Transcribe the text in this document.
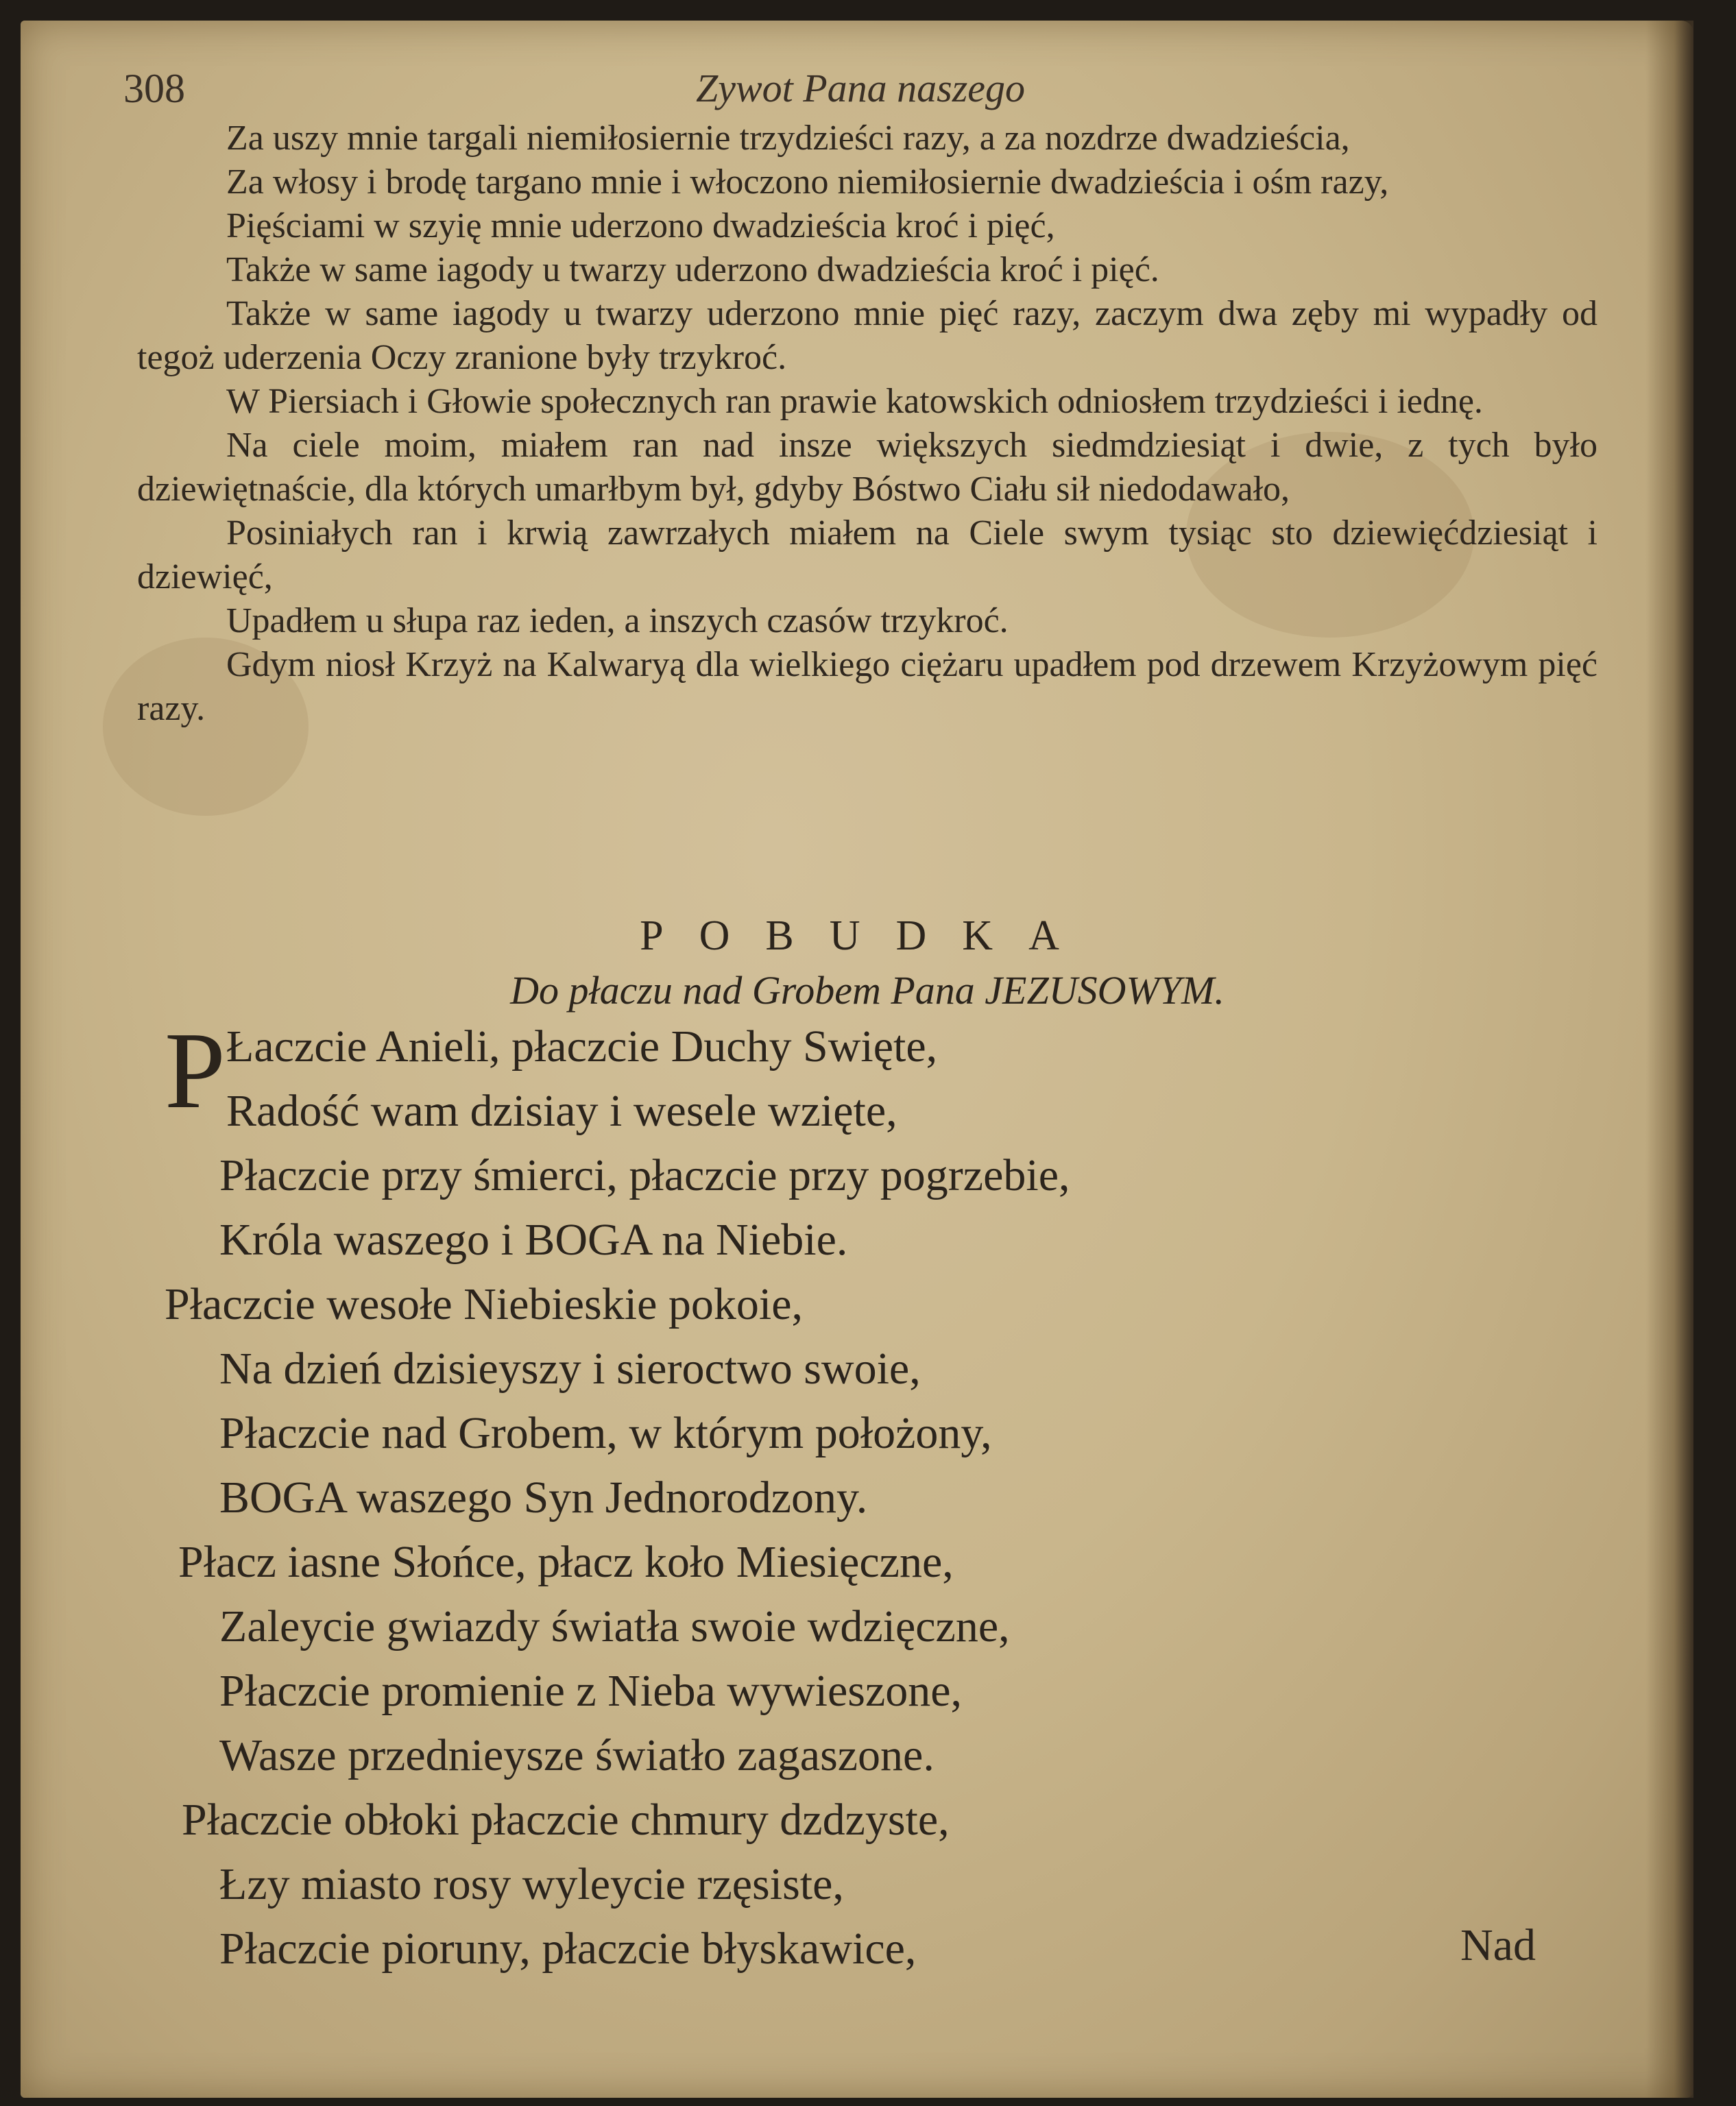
308	Zywot Pana naszego

Za uszy mnie targali niemiłosiernie trzydzieści razy, a za nozdrze dwadzieścia,

Za włosy i brodę targano mnie i włoczono niemiłosiernie dwadzieścia i ośm razy,

Pięściami w szyię mnie uderzono dwadzieścia kroć i pięć,

Także w same iagody u twarzy uderzono dwadzieścia kroć i pięć.

Także w same iagody u twarzy uderzono mnie pięć razy, zaczym dwa zęby mi wypadły od tegoż uderzenia Oczy zranione były trzykroć.

W Piersiach i Głowie społecznych ran prawie katowskich odniosłem trzydzieści i iednę.

Na ciele moim, miałem ran nad insze większych siedmdziesiąt i dwie, z tych było dziewiętnaście, dla których umarłbym był, gdyby Bóstwo Ciału sił niedodawało,

Posiniałych ran i krwią zawrzałych miałem na Ciele swym tysiąc sto dziewięćdziesiąt i dziewięć,

Upadłem u słupa raz ieden, a inszych czasów trzykroć.

Gdym niosł Krzyż na Kalwaryą dla wielkiego ciężaru upadłem pod drzewem Krzyżowym pięć razy.

POBUDKA
Do płaczu nad Grobem Pana JEZUSOWYM.
P Łaczcie Anieli, płaczcie Duchy Swięte,
Radość wam dzisiay i wesele wzięte,
Płaczcie przy śmierci, płaczcie przy pogrzebie,
Króla waszego i BOGA na Niebie.
Płaczcie wesołe Niebieskie pokoie,
Na dzień dzisieyszy i sieroctwo swoie,
Płaczcie nad Grobem, w którym położony,
BOGA waszego Syn Jednorodzony.
Płacz iasne Słońce, płacz koło Miesięczne,
Zaleycie gwiazdy światła swoie wdzięczne,
Płaczcie promienie z Nieba wywieszone,
Wasze przednieysze światło zagaszone.
Płaczcie obłoki płaczcie chmury dzdzyste,
Łzy miasto rosy wyleycie rzęsiste,
Płaczcie pioruny, płaczcie błyskawice,	Nad
